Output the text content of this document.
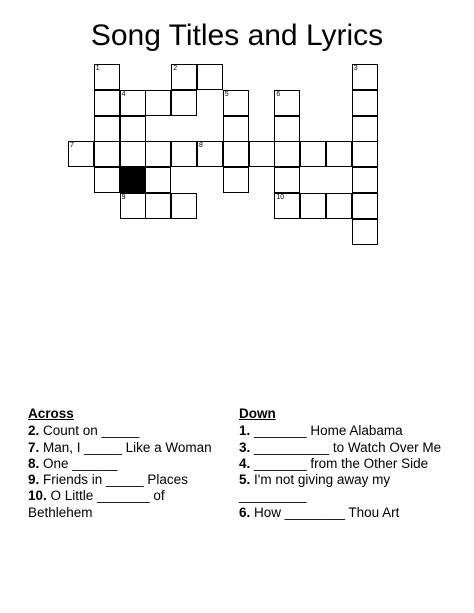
Song Titles and Lyrics
1	2	3
4	5	6
7	8
9	10
Across
2. Count on _____
7. Man, I _____ Like a Woman
8. One ______
9. Friends in _____ Places
10. O Little _______ of Bethlehem
Down
1. _______ Home Alabama
3. __________ to Watch Over Me
4. _______ from the Other Side
5. I'm not giving away my _________
6. How ________ Thou Art
